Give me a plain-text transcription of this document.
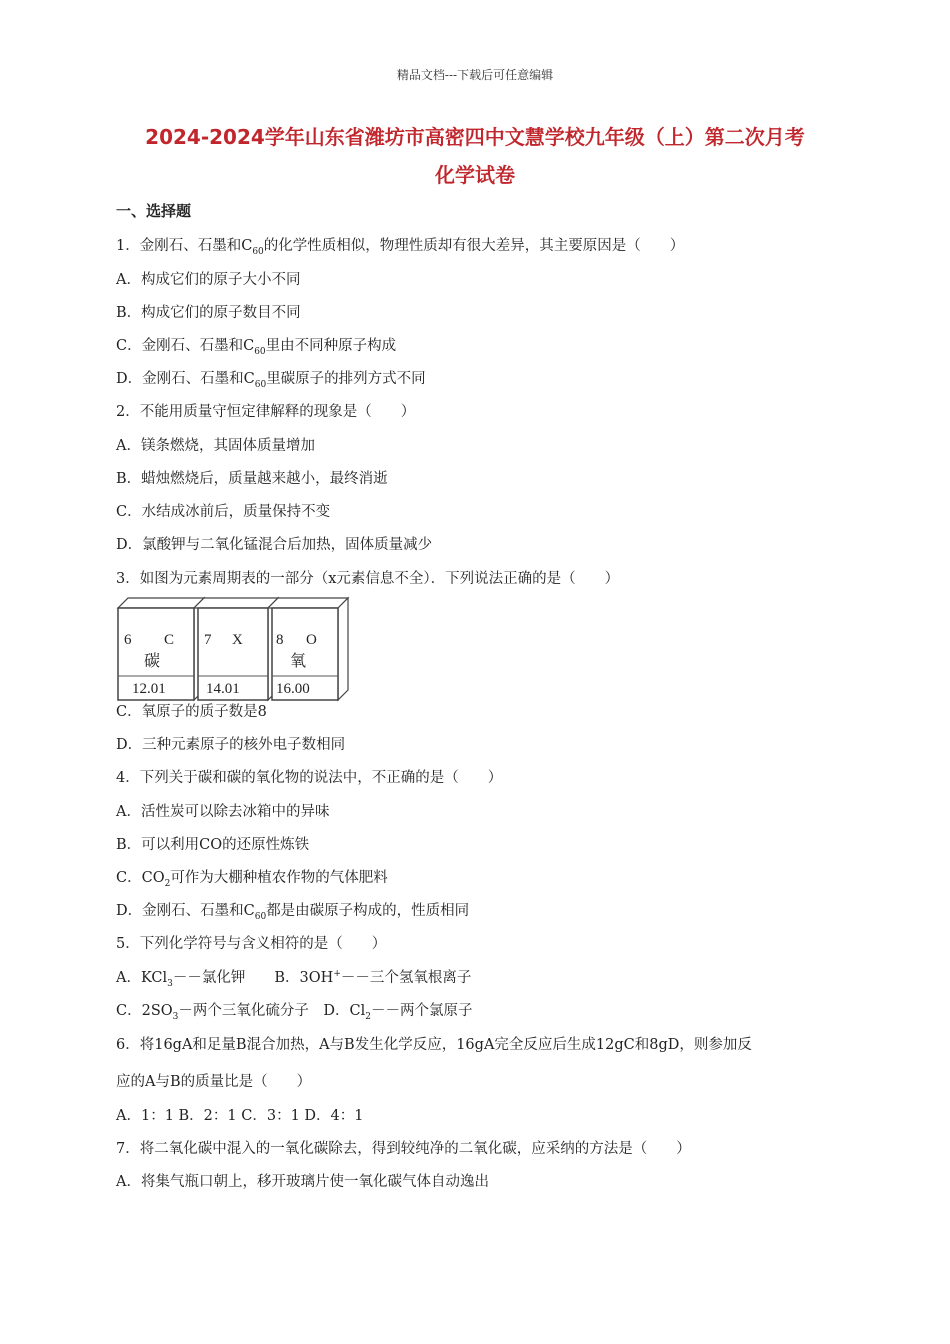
精品文档---下载后可任意编辑
2024-2024学年山东省潍坊市高密四中文慧学校九年级（上）第二次月考
化学试卷
一、选择题
1．金刚石、石墨和$C_{60}$的化学性质相似，物理性质却有很大差异，其主要原因是（　　）
A．构成它们的原子大小不同
B．构成它们的原子数目不同
C．金刚石、石墨和$C_{60}$里由不同种原子构成
D．金刚石、石墨和$C_{60}$里碳原子的排列方式不同
2．不能用质量守恒定律解释的现象是（　　）
A．镁条燃烧，其固体质量增加
B．蜡烛燃烧后，质量越来越小，最终消逝
C．水结成冰前后，质量保持不变
D．氯酸钾与二氧化锰混合后加热，固体质量减少
3．如图为元素周期表的一部分（x元素信息不全）．下列说法正确的是（　　）
6 C
碳
12.01
7 X
14.01
8 O
氧
16.00
C．氧原子的质子数是8
D．三种元素原子的核外电子数相同
4．下列关于碳和碳的氧化物的说法中，不正确的是（　　）
A．活性炭可以除去冰箱中的异味
B．可以利用CO的还原性炼铁
C．$CO_2$可作为大棚种植农作物的气体肥料
D．金刚石、石墨和$C_{60}$都是由碳原子构成的，性质相同
5．下列化学符号与含义相符的是（　　）
A．KCl$_3$－－氯化钾　　B．3OH+－－三个氢氧根离子
C．$2SO_3-$两个三氧化硫分子　D．$Cl_2--$两个氯原子
6．将16gA和足量B混合加热，A与B发生化学反应，16gA完全反应后生成12gC和8gD，则参加反
应的A与B的质量比是（　　）
A．1：1 B．2：1 C．3：1 D．4：1
7．将二氧化碳中混入的一氧化碳除去，得到较纯净的二氧化碳，应采纳的方法是（　　）
A．将集气瓶口朝上，移开玻璃片使一氧化碳气体自动逸出
